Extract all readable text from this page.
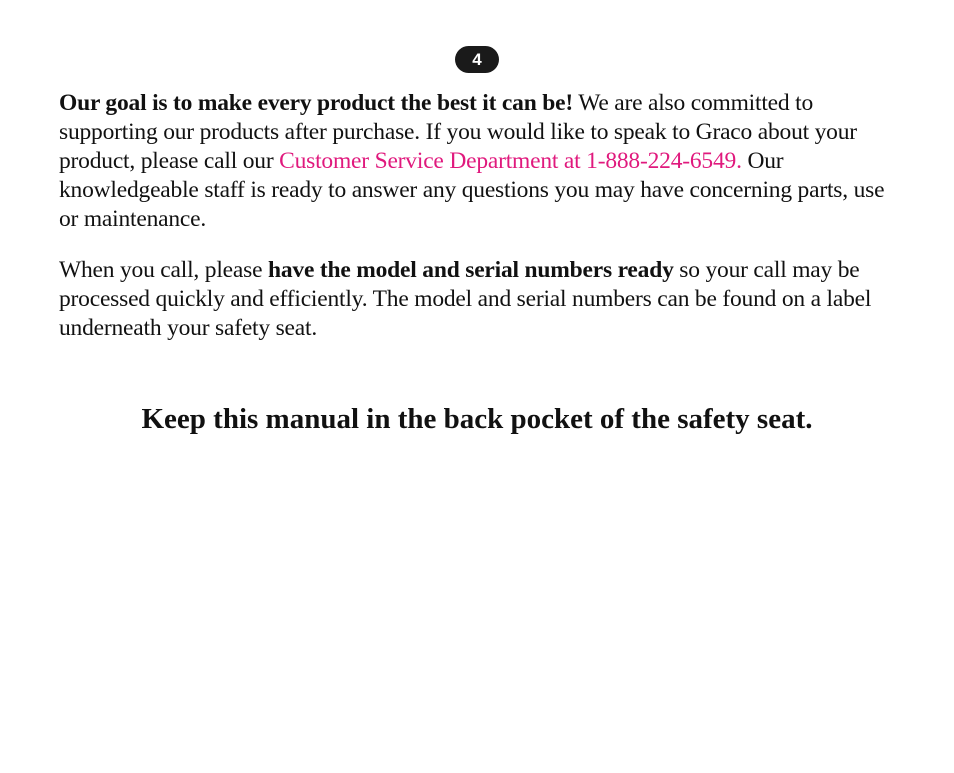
4

Our goal is to make every product the best it can be! We are also committed to supporting our products after purchase. If you would like to speak to Graco about your product, please call our Customer Service Department at 1-888-224-6549. Our knowledgeable staff is ready to answer any questions you may have concerning parts, use or maintenance.

When you call, please have the model and serial numbers ready so your call may be processed quickly and efficiently. The model and serial numbers can be found on a label underneath your safety seat.

Keep this manual in the back pocket of the safety seat.
